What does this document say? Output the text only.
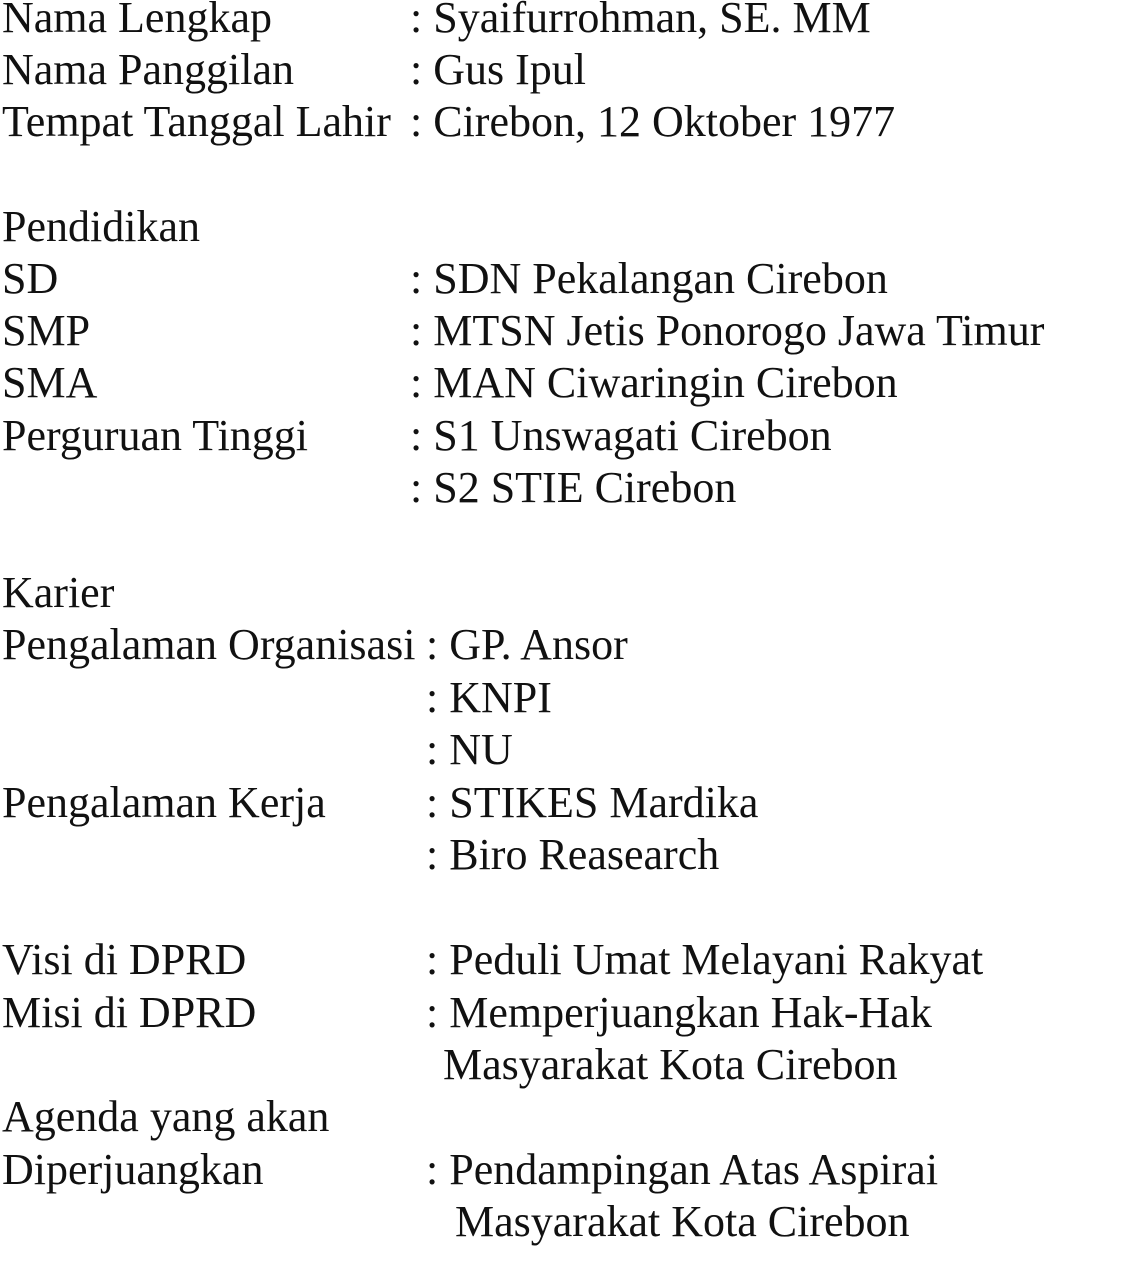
Nama Lengkap	: Syaifurrohman, SE. MM
Nama Panggilan	: Gus Ipul
Tempat Tanggal Lahir : Cirebon, 12 Oktober 1977
Pendidikan
SD	: SDN Pekalangan Cirebon
SMP	: MTSN Jetis Ponorogo Jawa Timur
SMA	: MAN Ciwaringin Cirebon
Perguruan Tinggi : S1 Unswagati Cirebon
: S2 STIE Cirebon
Karier
Pengalaman Organisasi : GP. Ansor
: KNPI
: NU
Pengalaman Kerja : STIKES Mardika
: Biro Reasearch
Visi di DPRD	: Peduli Umat Melayani Rakyat
Misi di DPRD	: Memperjuangkan Hak-Hak
Masyarakat Kota Cirebon
Agenda yang akan
Diperjuangkan	: Pendampingan Atas Aspirai
Masyarakat Kota Cirebon
